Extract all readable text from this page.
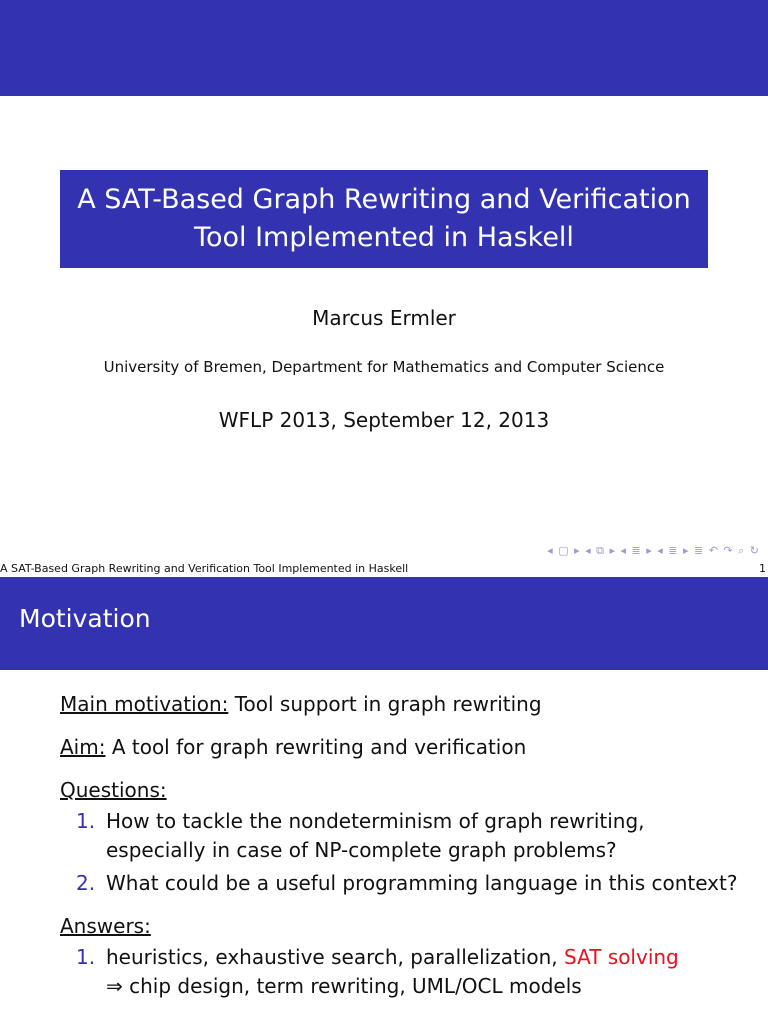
A SAT-Based Graph Rewriting and Verification
Tool Implemented in Haskell
Marcus Ermler
University of Bremen, Department for Mathematics and Computer Science
WFLP 2013, September 12, 2013
◂ ▢ ▸ ◂ ⧉ ▸ ◂ ≣ ▸ ◂ ≣ ▸ ≣ ↶ ↷ ⌕ ↻
A SAT-Based Graph Rewriting and Verification Tool Implemented in Haskell	1
Motivation

Main motivation: Tool support in graph rewriting

Aim: A tool for graph rewriting and verification

Questions:

1. How to tackle the nondeterminism of graph rewriting,
especially in case of NP-complete graph problems?
2. What could be a useful programming language in this context?

Answers:

1. heuristics, exhaustive search, parallelization, SAT solving
⇒ chip design, term rewriting, UML/OCL models
